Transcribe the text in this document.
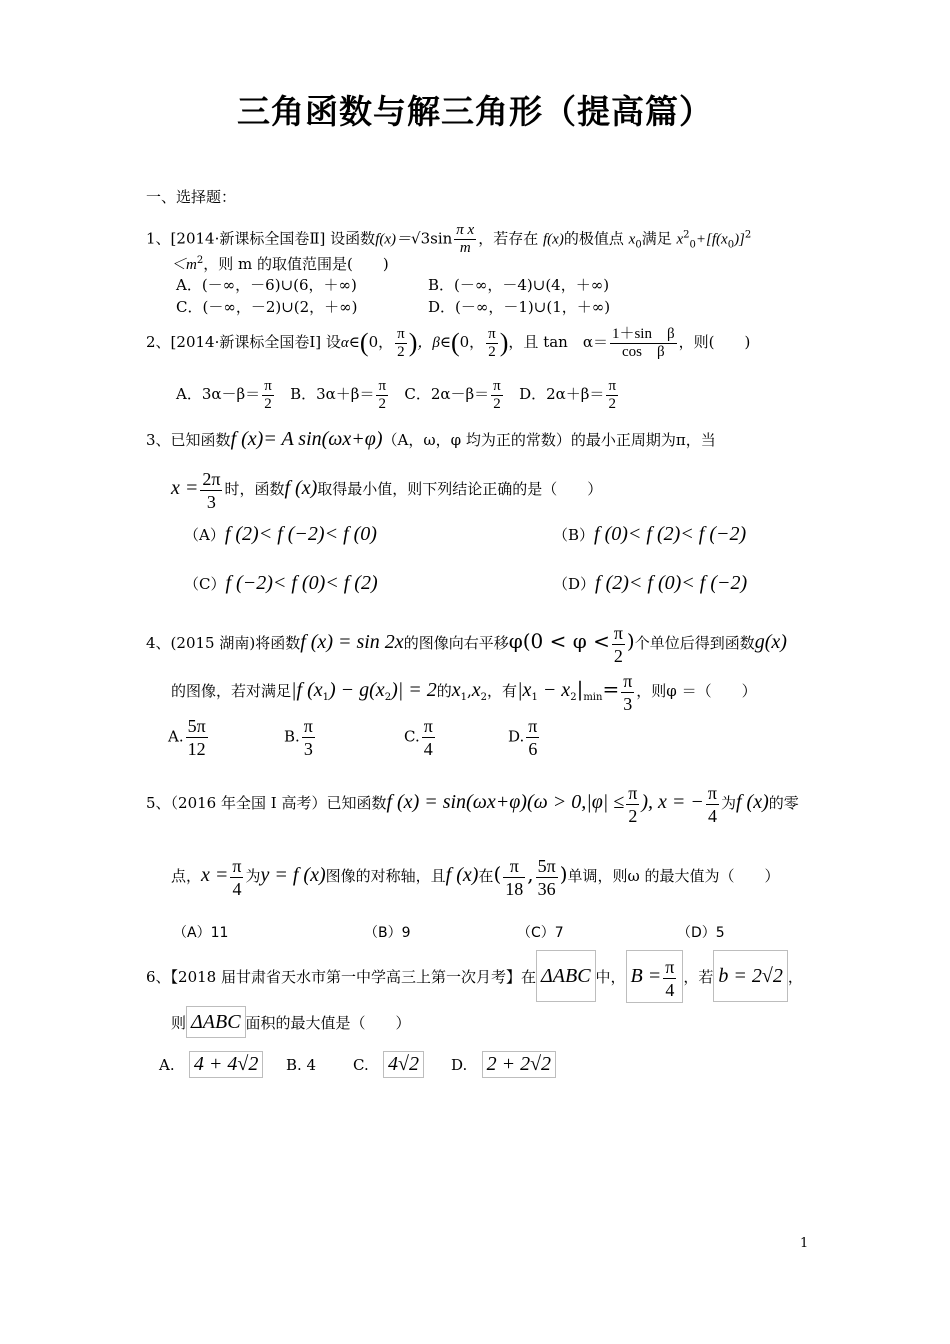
三角函数与解三角形（提高篇）
一、选择题：
1、[2014·新课标全国卷Ⅱ] 设函数$f(x)=√3\sin \frac{\text{π x}}{m}$ ，若存在 f(x)的极值点 $x_0$满足 $x^2_0+[f(x_0)]^2$
$<m^2$，则 m 的取值范围是(　　)
A．(－∞，－6)∪(6，＋∞)	B．(－∞，－4)∪(4，＋∞)
C．(－∞，－2)∪(2，＋∞)	D．(－∞，－1)∪(1，＋∞)
2、[2014·新课标全国卷Ⅰ] 设α∈(0， $\frac{\pi}{2}$ )，β∈(0， $\frac{\pi}{2}$ )，且 tan　$\alpha= \frac{\text{1＋sin　β}}{\text{cos　β}}$ ，则(　　)
A．$3\alpha-\beta= \frac{\pi}{2}$ B．$3\alpha+\beta= \frac{\pi}{2}$ C．$2\alpha-\beta= \frac{\pi}{2}$ D．$2\alpha+\beta= \frac{\pi}{2}$
3、已知函数f (x)= A sin(ωx+φ)（A，ω，φ 均为正的常数）的最小正周期为π，当
$x = \frac{2\pi}{3}$ 时，函数f (x)取得最小值，则下列结论正确的是（　　）
（A）f (2)< f (−2)< f (0)	（B）f (0)< f (2)< f (−2)
（C）f (−2)< f (0)< f (2)	（D）f (2)< f (0)< f (−2)
4、(2015 湖南)将函数f (x) = sin 2x的图像向右平移$\varphi(0 < \varphi < \frac{\pi}{2}$ )个单位后得到函数g(x)
的图像，若对满足|f $(x_1) - g(x_2)| = 2$的$x_1,x_2$，有$|x_1 - x_2|_{min}= \frac{\pi}{3}$ ，则φ ＝（　　）
A. $\frac{5\pi}{12}$	B. $\frac{\pi}{3}$	C. $\frac{\pi}{4}$	D. $\frac{\pi}{6}$
5、（2016 年全国 I 高考）已知函数f $(x) = \sin(\omega x+\varphi)(\omega > 0,|\varphi| \le \frac{\pi}{2}$ ), x = − $\frac{\pi}{4}$ 为f (x)的零
点，$x = \frac{\pi}{4}$ 为y = f (x)图像的对称轴，且f (x)在( $\frac{\pi}{18}$ , $\frac{5\pi}{36}$ )单调，则ω 的最大值为（　　）
（A）11	（B）9	（C）7	（D）5
6、【2018 届甘肃省天水市第一中学高三上第一次月考】在 ΔABC 中， $B = \frac{\pi}{4}$ ，若 b = 2√2 ，
则 ΔABC 面积的最大值是（　　）
A. 4 + 4√2	B. 4 C. 4√2	D. 2 + 2√2
1
